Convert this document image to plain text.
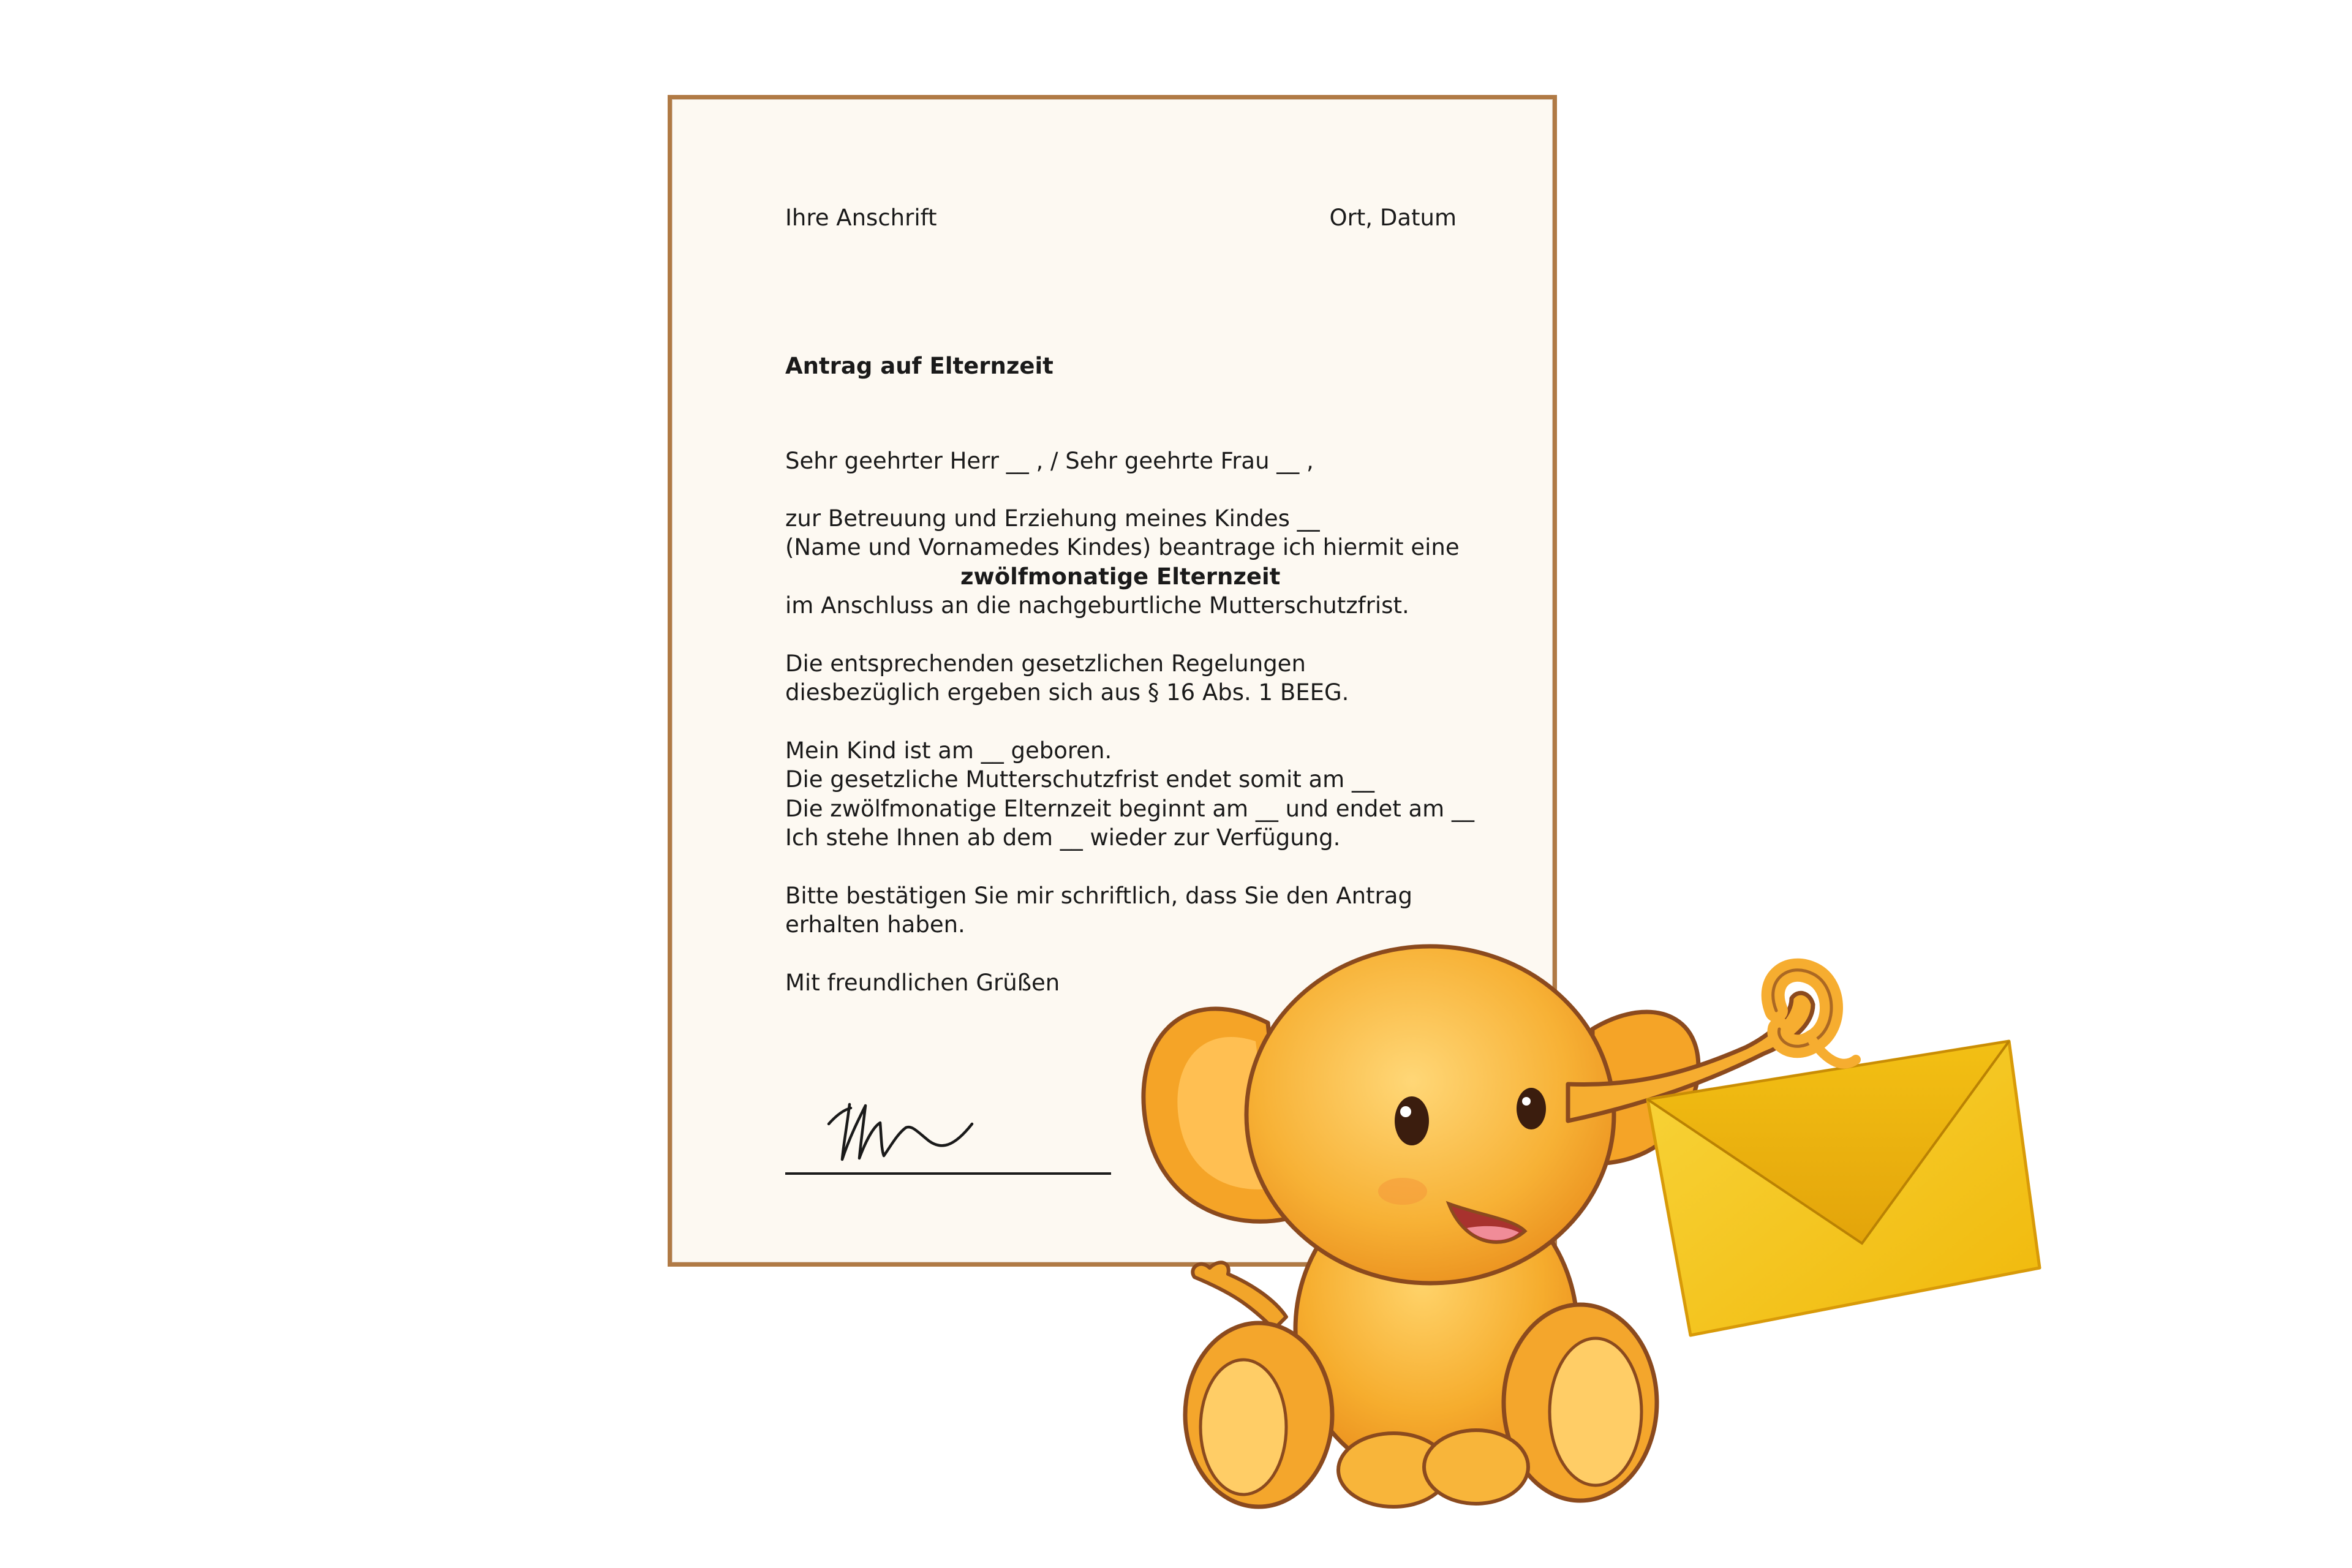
Ihre Anschrift	Ort, Datum
Antrag auf Elternzeit
Sehr geehrter Herr __ , / Sehr geehrte Frau __ ,
zur Betreuung und Erziehung meines Kindes __
(Name und Vornamedes Kindes) beantrage ich hiermit eine
zwölfmonatige Elternzeit
im Anschluss an die nachgeburtliche Mutterschutzfrist.
Die entsprechenden gesetzlichen Regelungen
diesbezüglich ergeben sich aus § 16 Abs. 1 BEEG.
Mein Kind ist am __ geboren.
Die gesetzliche Mutterschutzfrist endet somit am __
Die zwölfmonatige Elternzeit beginnt am __ und endet am __
Ich stehe Ihnen ab dem __ wieder zur Verfügung.
Bitte bestätigen Sie mir schriftlich, dass Sie den Antrag
erhalten haben.
Mit freundlichen Grüßen
